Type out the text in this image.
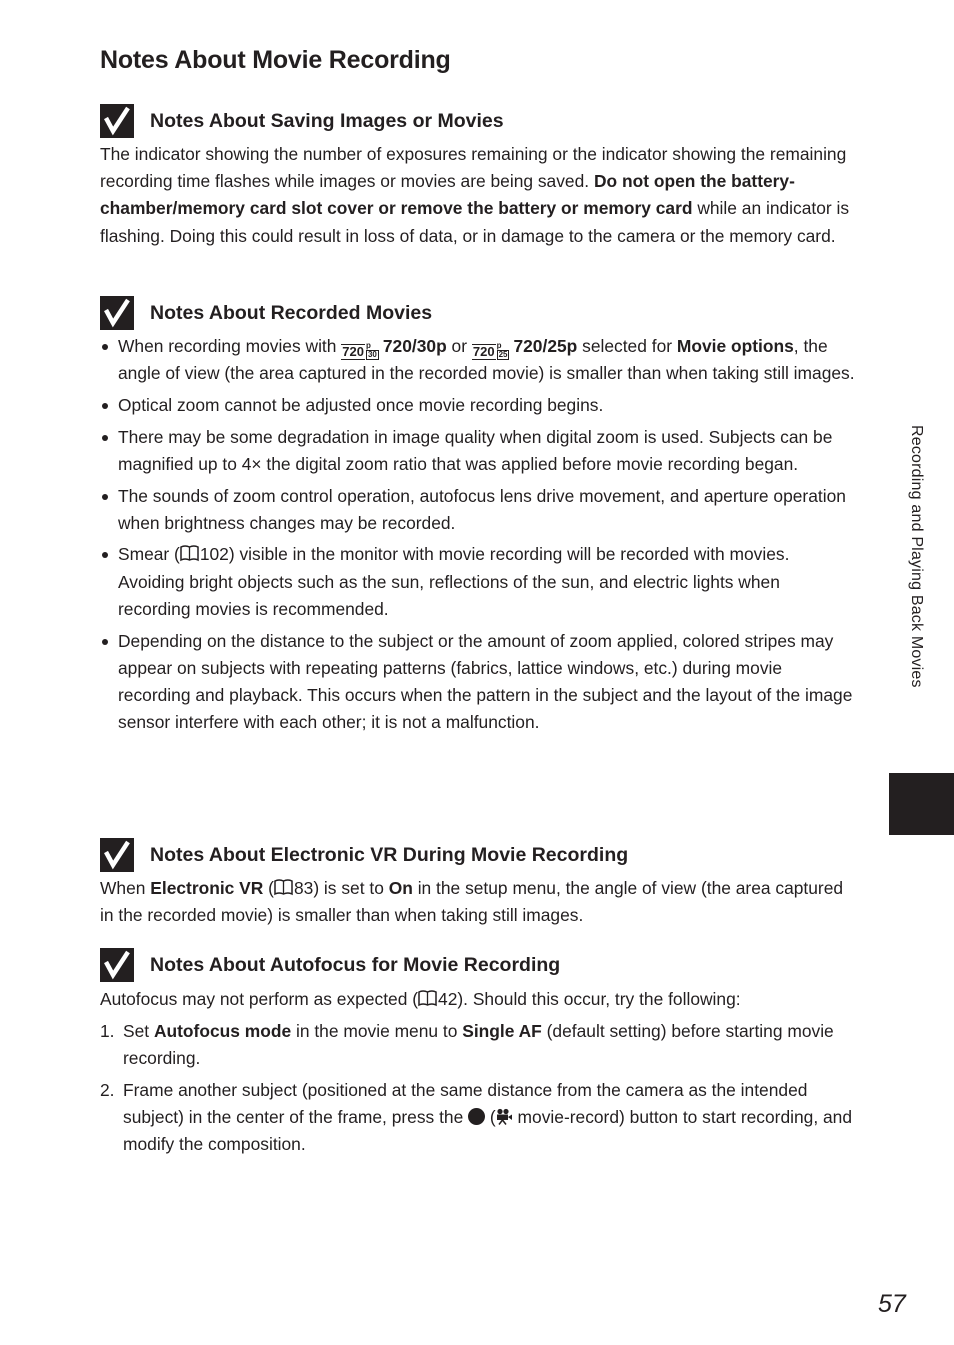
Notes About Movie Recording
Notes About Saving Images or Movies

The indicator showing the number of exposures remaining or the indicator showing the remaining recording time flashes while images or movies are being saved. Do not open the battery-chamber/memory card slot cover or remove the battery or memory card while an indicator is flashing. Doing this could result in loss of data, or in damage to the camera or the memory card.

Notes About Recorded Movies
When recording movies with 720 p
30 720/30p or 720 p
25 720/25p selected for Movie options, the angle of view (the area captured in the recorded movie) is smaller than when taking still images.
Optical zoom cannot be adjusted once movie recording begins.
There may be some degradation in image quality when digital zoom is used. Subjects can be magnified up to 4× the digital zoom ratio that was applied before movie recording began.
The sounds of zoom control operation, autofocus lens drive movement, and aperture operation when brightness changes may be recorded.
Smear ( 102) visible in the monitor with movie recording will be recorded with movies. Avoiding bright objects such as the sun, reflections of the sun, and electric lights when recording movies is recommended.
Depending on the distance to the subject or the amount of zoom applied, colored stripes may appear on subjects with repeating patterns (fabrics, lattice windows, etc.) during movie recording and playback. This occurs when the pattern in the subject and the layout of the image sensor interfere with each other; it is not a malfunction.
Notes About Electronic VR During Movie Recording

When Electronic VR ( 83) is set to On in the setup menu, the angle of view (the area captured in the recorded movie) is smaller than when taking still images.

Notes About Autofocus for Movie Recording

Autofocus may not perform as expected ( 42). Should this occur, try the following:

1. Set Autofocus mode in the movie menu to Single AF (default setting) before starting movie recording.
2. Frame another subject (positioned at the same distance from the camera as the intended subject) in the center of the frame, press the  (
movie-record) button to start recording, and modify the composition.
Recording and Playing Back Movies
57
